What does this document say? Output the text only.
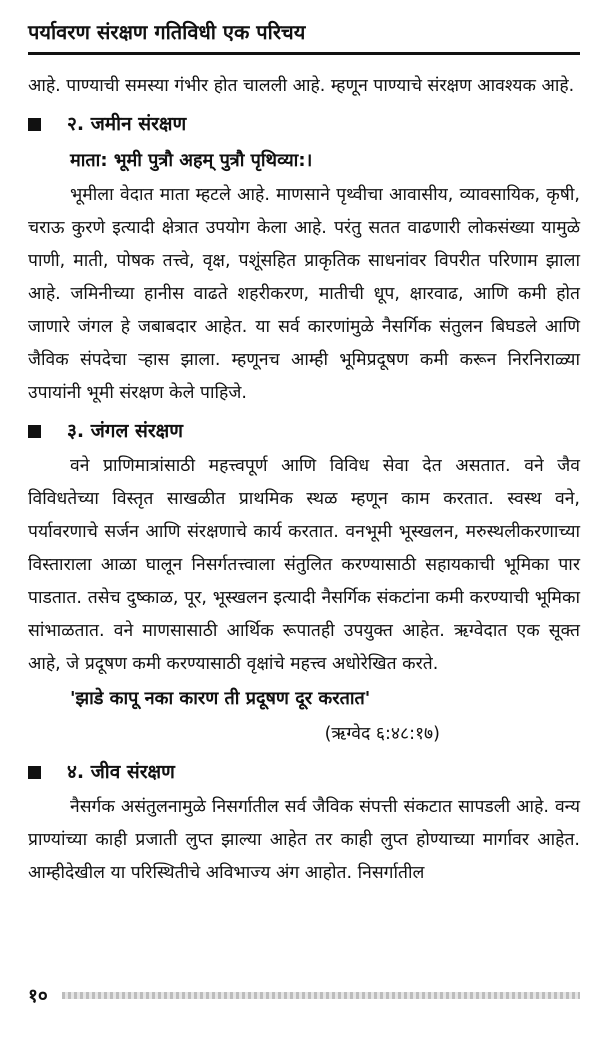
पर्यावरण संरक्षण गतिविधी एक परिचय

आहे. पाण्याची समस्या गंभीर होत चालली आहे. म्हणून पाण्याचे संरक्षण आवश्यक आहे.

२. जमीन संरक्षण

माता: भूमी पुत्रौ अहम् पुत्रौ पृथिव्या:।

भूमीला वेदात माता म्हटले आहे. माणसाने पृथ्वीचा आवासीय, व्यावसायिक, कृषी, चराऊ कुरणे इत्यादी क्षेत्रात उपयोग केला आहे. परंतु सतत वाढणारी लोकसंख्या यामुळे पाणी, माती, पोषक तत्त्वे, वृक्ष, पशूंसहित प्राकृतिक साधनांवर विपरीत परिणाम झाला आहे. जमिनीच्या हानीस वाढते शहरीकरण, मातीची धूप, क्षारवाढ, आणि कमी होत जाणारे जंगल हे जबाबदार आहेत. या सर्व कारणांमुळे नैसर्गिक संतुलन बिघडले आणि जैविक संपदेचा ऱ्हास झाला. म्हणूनच आम्ही भूमिप्रदूषण कमी करून निरनिराळ्या उपायांनी भूमी संरक्षण केले पाहिजे.

३. जंगल संरक्षण

वने प्राणिमात्रांसाठी महत्त्वपूर्ण आणि विविध सेवा देत असतात. वने जैव विविधतेच्या विस्तृत साखळीत प्राथमिक स्थळ म्हणून काम करतात. स्वस्थ वने, पर्यावरणाचे सर्जन आणि संरक्षणाचे कार्य करतात. वनभूमी भूस्खलन, मरुस्थलीकरणाच्या विस्ताराला आळा घालून निसर्गतत्त्वाला संतुलित करण्यासाठी सहायकाची भूमिका पार पाडतात. तसेच दुष्काळ, पूर, भूस्खलन इत्यादी नैसर्गिक संकटांना कमी करण्याची भूमिका सांभाळतात. वने माणसासाठी आर्थिक रूपातही उपयुक्त आहेत. ऋग्वेदात एक सूक्त आहे, जे प्रदूषण कमी करण्यासाठी वृक्षांचे महत्त्व अधोरेखित करते.

'झाडे कापू नका कारण ती प्रदूषण दूर करतात'

(ऋग्वेद ६:४८:१७)

४. जीव संरक्षण

नैसर्गक असंतुलनामुळे निसर्गातील सर्व जैविक संपत्ती संकटात सापडली आहे. वन्य प्राण्यांच्या काही प्रजाती लुप्त झाल्या आहेत तर काही लुप्त होण्याच्या मार्गावर आहेत. आम्हीदेखील या परिस्थितीचे अविभाज्य अंग आहोत. निसर्गातील

१०
